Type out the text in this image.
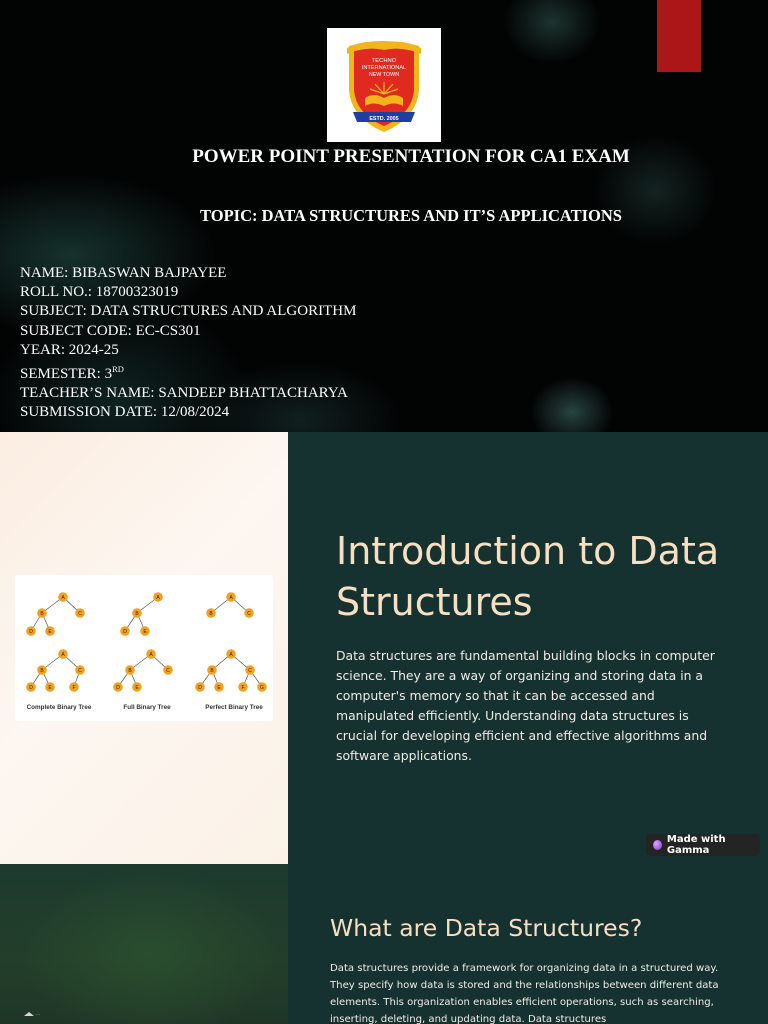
TECHNO
INTERNATIONAL
NEW TOWN
ESTD. 2005
POWER POINT PRESENTATION FOR CA1 EXAM
TOPIC: DATA STRUCTURES AND IT’S APPLICATIONS
NAME: BIBASWAN BAJPAYEE
ROLL NO.: 18700323019
SUBJECT: DATA STRUCTURES AND ALGORITHM
SUBJECT CODE: EC-CS301
YEAR: 2024-25
SEMESTER: 3RD
TEACHER’S NAME: SANDEEP BHATTACHARYA
SUBMISSION DATE: 12/08/2024
Complete Binary Tree	Full Binary Tree	Perfect Binary Tree
A
B	C
D	E
A
B
D	E
A
B	C
A
B	C
D	E	F
A
B	C
D	E
A
B	C
D	E	F	G
Introduction to Data Structures

Data structures are fundamental building blocks in computer science. They are a way of organizing and storing data in a computer's memory so that it can be accessed and manipulated efficiently. Understanding data structures is crucial for developing efficient and effective algorithms and software applications.

Made with Gamma
...
What are Data Structures?

Data structures provide a framework for organizing data in a structured way. They specify how data is stored and the relationships between different data elements. This organization enables efficient operations, such as searching, inserting, deleting, and updating data. Data structures
